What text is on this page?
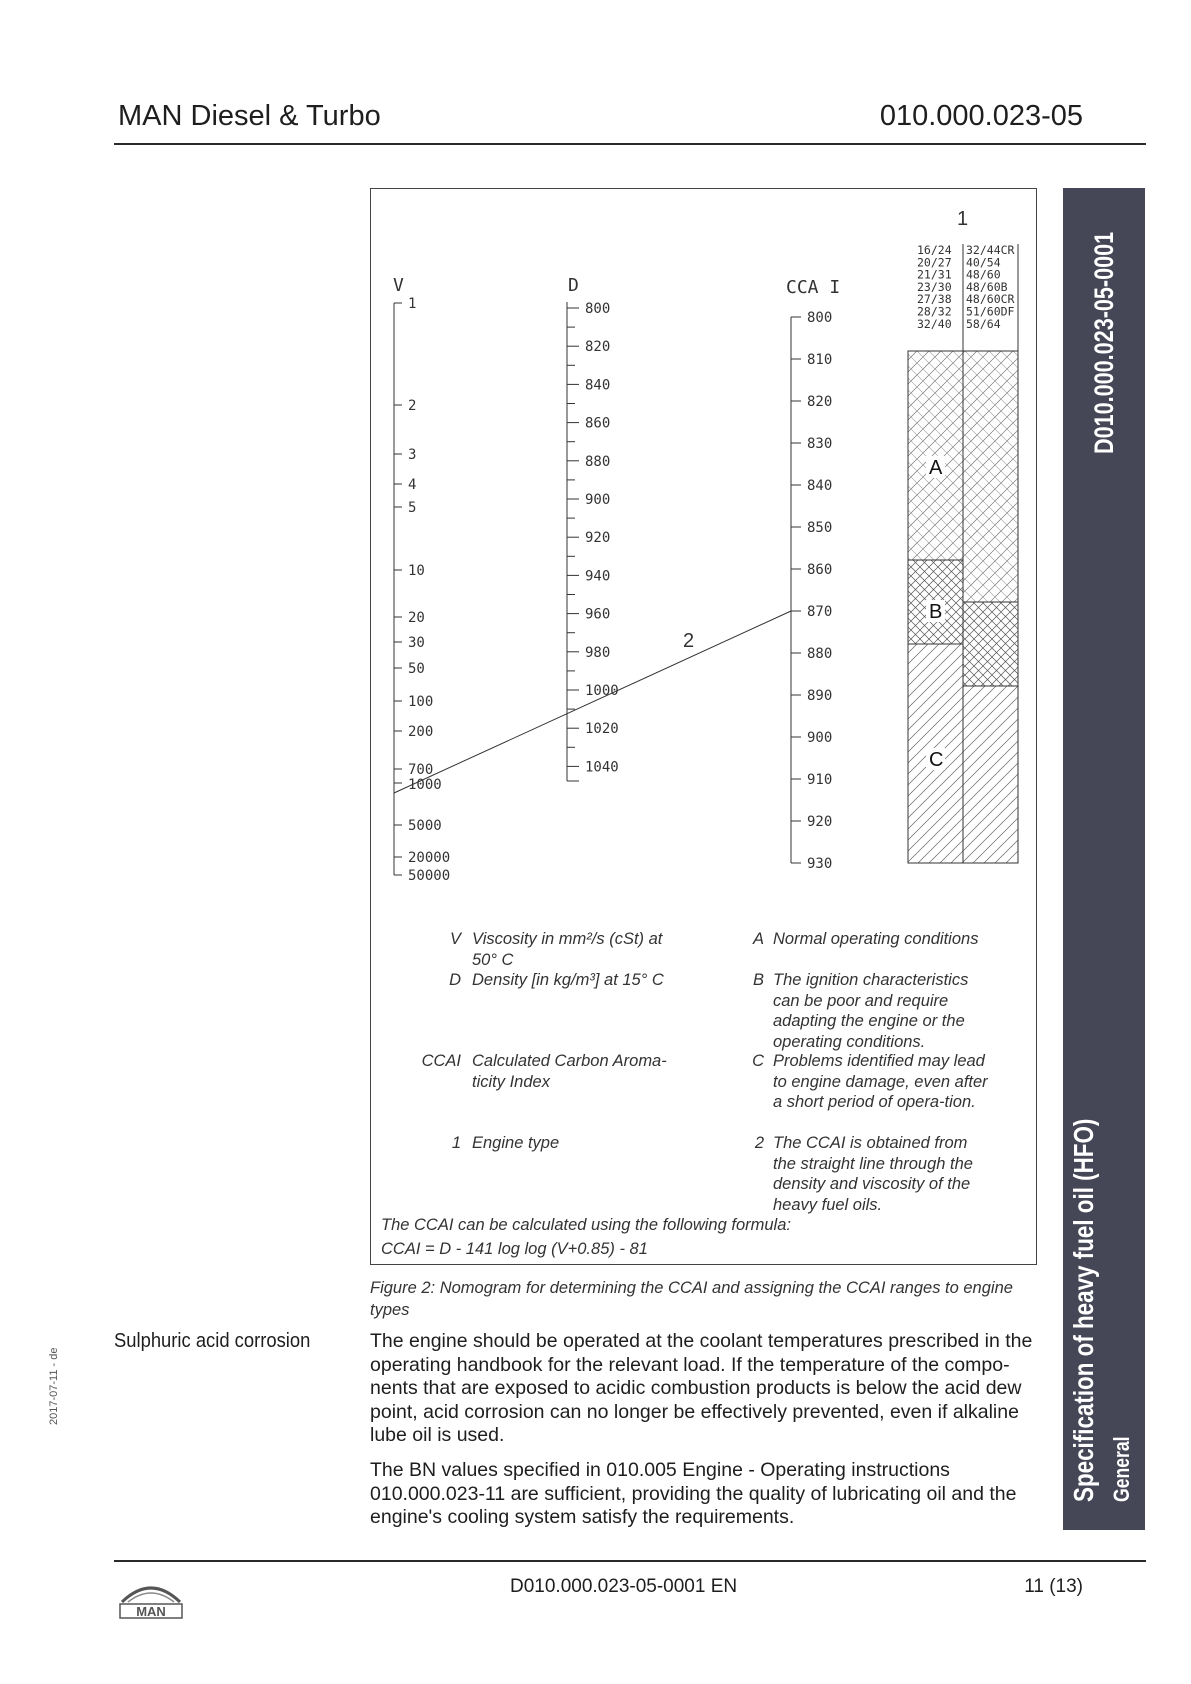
MAN Diesel & Turbo	010.000.023-05
V
1
2
3
4
5
10
20
30
50
100
200
700
1000
5000
20000
50000
D
800
820
840
860
880
900
920
940
960
980
1000
1020
1040
CCA I
800
810
820
830
840
850
860
870
880
890
900
910
920
930
2
1
A
B
C
16/24
20/27
21/31
23/30
27/38
28/32
32/40
32/44CR
40/54
48/60
48/60B
48/60CR
51/60DF
58/64
V Viscosity in mm²/s (cSt) at 50° C
D Density [in kg/m³] at 15° C
CCAI Calculated Carbon Aroma-ticity Index
1 Engine type
A Normal operating conditions
B The ignition characteristics can be poor and require adapting the engine or the operating conditions.
C Problems identified may lead to engine damage, even after a short period of opera-tion.
2 The CCAI is obtained from the straight line through the density and viscosity of the heavy fuel oils.
The CCAI can be calculated using the following formula:
CCAI = D - 141 log log (V+0.85) - 81
Figure 2: Nomogram for determining the CCAI and assigning the CCAI ranges to engine types
Sulphuric acid corrosion	The engine should be operated at the coolant temperatures prescribed in the operating handbook for the relevant load. If the temperature of the compo-nents that are exposed to acidic combustion products is below the acid dew point, acid corrosion can no longer be effectively prevented, even if alkaline lube oil is used.
The BN values specified in 010.005 Engine - Operating instructions 010.000.023-11 are sufficient, providing the quality of lubricating oil and the engine's cooling system satisfy the requirements.
2017-07-11 - de
D010.000.023-05-0001
Specification of heavy fuel oil (HFO) General
MAN
D010.000.023-05-0001 EN	11 (13)
